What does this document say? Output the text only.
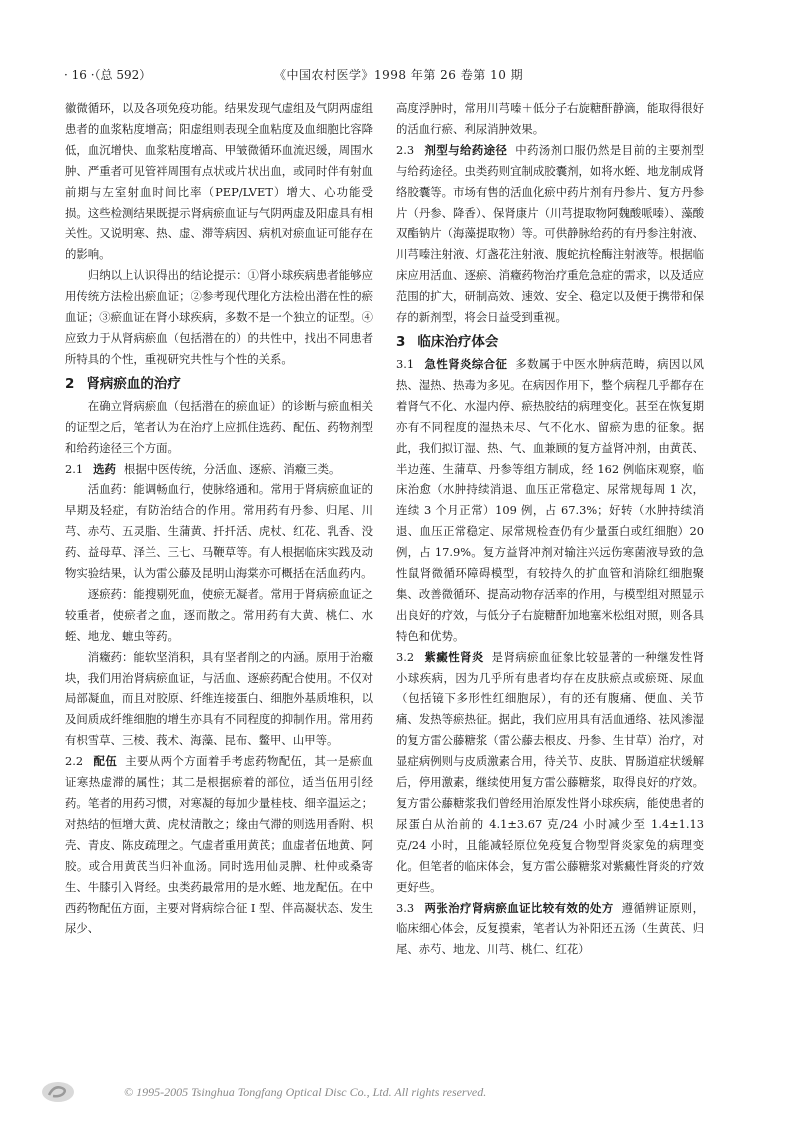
· 16 ·（总 592）	《中国农村医学》1998 年第 26 卷第 10 期

徽微循环，以及各项免疫功能。结果发现气虚组及气阴两虚组患者的血浆粘度增高；阳虚组则表现全血粘度及血细胞比容降低，血沉增快、血浆粘度增高、甲皱微循环血流迟缓，周围水肿、严重者可见管袢周围有点状或片状出血，或同时伴有射血前期与左室射血时间比率（PEP/LVET）增大、心功能受损。这些检测结果既提示肾病瘀血证与气阴两虚及阳虚具有相关性。又说明寒、热、虚、滞等病因、病机对瘀血证可能存在的影响。

归纳以上认识得出的结论提示：①肾小球疾病患者能够应用传统方法检出瘀血证；②参考现代理化方法检出潜在性的瘀血证；③瘀血证在肾小球疾病，多数不是一个独立的证型。④应致力于从肾病瘀血（包括潜在的）的共性中，找出不同患者所特具的个性，重视研究共性与个性的关系。

2 肾病瘀血的治疗

在确立肾病瘀血（包括潜在的瘀血证）的诊断与瘀血相关的证型之后，笔者认为在治疗上应抓住选药、配伍、药物剂型和给药途径三个方面。

2.1 选药 根据中医传统，分活血、逐瘀、消癥三类。

活血药：能调畅血行，使脉络通和。常用于肾病瘀血证的早期及轻症，有防治结合的作用。常用药有丹参、归尾、川芎、赤芍、五灵脂、生蒲黄、扦扦活、虎杖、红花、乳香、没药、益母草、泽兰、三七、马鞭草等。有人根据临床实践及动物实验结果，认为雷公藤及昆明山海棠亦可概括在活血药内。

逐瘀药：能搜剔死血，使瘀无凝者。常用于肾病瘀血证之较重者，使瘀者之血，逐而散之。常用药有大黄、桃仁、水蛭、地龙、蟅虫等药。

消癥药：能软坚消积，具有坚者削之的内涵。原用于治癥块，我们用治肾病瘀血证，与活血、逐瘀药配合使用。不仅对局部凝血，而且对胶原、纤维连接蛋白、细胞外基质堆积，以及间质成纤维细胞的增生亦具有不同程度的抑制作用。常用药有枳雪草、三棱、莪术、海藻、昆布、鳖甲、山甲等。

2.2 配伍 主要从两个方面着手考虑药物配伍，其一是瘀血证寒热虚滞的属性；其二是根据瘀着的部位，适当伍用引经药。笔者的用药习惯，对寒凝的每加少量桂枝、细辛温运之；对热结的恒增大黄、虎杖清散之；缘由气滞的则选用香附、枳壳、青皮、陈皮疏理之。气虚者重用黄芪；血虚者伍地黄、阿胶。或合用黄芪当归补血汤。同时选用仙灵脾、杜仲或桑寄生、牛膝引入肾经。虫类药最常用的是水蛭、地龙配伍。在中西药物配伍方面，主要对肾病综合征 I 型、伴高凝状态、发生尿少、

高度浮肿时，常用川芎嗪＋低分子右旋糖酐静滴，能取得很好的活血行瘀、利尿消肿效果。

2.3 剂型与给药途径 中药汤剂口服仍然是目前的主要剂型与给药途径。虫类药则宜制成胶囊剂，如将水蛭、地龙制成肾络胶囊等。市场有售的活血化瘀中药片剂有丹参片、复方丹参片（丹参、降香）、保肾康片（川芎提取物阿魏酸哌嗪）、藻酸双酯钠片（海藻提取物）等。可供静脉给药的有丹参注射液、川芎嗪注射液、灯盏花注射液、腹蛇抗栓酶注射液等。根据临床应用活血、逐瘀、消癥药物治疗重危急症的需求，以及适应范围的扩大，研制高效、速效、安全、稳定以及便于携带和保存的新剂型，将会日益受到重视。

3 临床治疗体会

3.1 急性肾炎综合征 多数属于中医水肿病范畴，病因以风热、湿热、热毒为多见。在病因作用下，整个病程几乎都存在着肾气不化、水湿内停、瘀热胶结的病理变化。甚至在恢复期亦有不同程度的湿热未尽、气不化水、留瘀为患的征象。据此，我们拟订湿、热、气、血兼顾的复方益肾冲剂，由黄芪、半边莲、生蒲草、丹参等组方制成，经 162 例临床观察，临床治愈（水肿持续消退、血压正常稳定、尿常规每周 1 次，连续 3 个月正常）109 例，占 67.3%；好转（水肿持续消退、血压正常稳定、尿常规检查仍有少量蛋白或红细胞）20 例，占 17.9%。复方益肾冲剂对输注兴远伤寒菌液导致的急性鼠肾微循环障碍模型，有较持久的扩血管和消除红细胞聚集、改善微循环、提高动物存活率的作用，与模型组对照显示出良好的疗效，与低分子右旋糖酐加地塞米松组对照，则各具特色和优势。

3.2 紫癜性肾炎 是肾病瘀血征象比较显著的一种继发性肾小球疾病，因为几乎所有患者均存在皮肤瘀点或瘀斑、尿血（包括镜下多形性红细胞尿），有的还有腹痛、便血、关节痛、发热等瘀热征。据此，我们应用具有活血通络、祛风渗湿的复方雷公藤糖浆（雷公藤去根皮、丹参、生甘草）治疗，对显症病例则与皮质激素合用，待关节、皮肤、胃肠道症状缓解后，停用激素，继续使用复方雷公藤糖浆，取得良好的疗效。复方雷公藤糖浆我们曾经用治原发性肾小球疾病，能使患者的尿蛋白从治前的 4.1±3.67 克/24 小时减少至 1.4±1.13 克/24 小时，且能减轻原位免疫复合物型肾炎家兔的病理变化。但笔者的临床体会，复方雷公藤糖浆对紫癜性肾炎的疗效更好些。

3.3 两张治疗肾病瘀血证比较有效的处方 遵循辨证原则，临床细心体会，反复摸索，笔者认为补阳还五汤（生黄芪、归尾、赤芍、地龙、川芎、桃仁、红花）

© 1995-2005 Tsinghua Tongfang Optical Disc Co., Ltd. All rights reserved.
